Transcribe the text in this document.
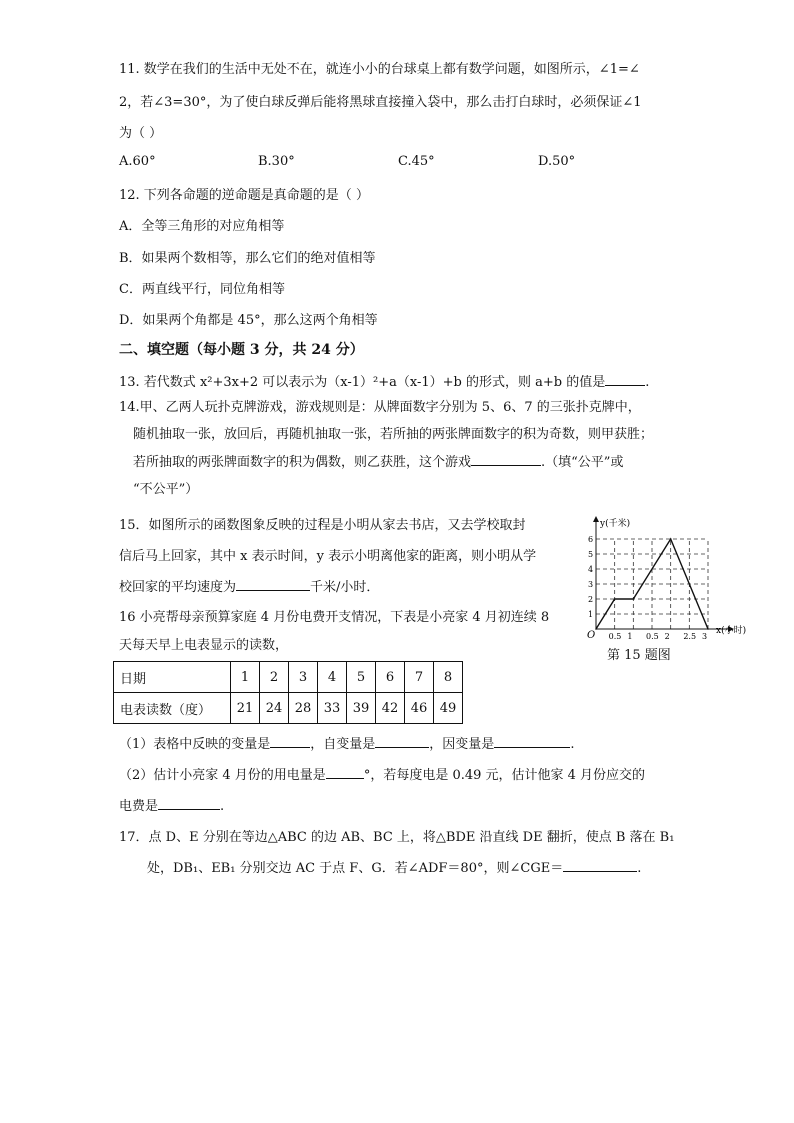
11. 数学在我们的生活中无处不在，就连小小的台球桌上都有数学问题，如图所示，∠1=∠
2，若∠3=30°，为了使白球反弹后能将黑球直接撞入袋中，那么击打白球时，必须保证∠1
为（ ）
A.60°	B.30°	C.45°	D.50°
12. 下列各命题的逆命题是真命题的是（ ）
A．全等三角形的对应角相等
B．如果两个数相等，那么它们的绝对值相等
C．两直线平行，同位角相等
D．如果两个角都是 45°，那么这两个角相等
二、填空题（每小题 3 分，共 24 分）
13. 若代数式 x²+3x+2 可以表示为（x-1）²+a（x-1）+b 的形式，则 a+b 的值是	.
14.甲、乙两人玩扑克牌游戏，游戏规则是：从牌面数字分别为 5、6、7 的三张扑克牌中，
随机抽取一张，放回后，再随机抽取一张，若所抽的两张牌面数字的积为奇数，则甲获胜；
若所抽取的两张牌面数字的积为偶数，则乙获胜，这个游戏	.（填“公平”或
“不公平”）
15．如图所示的函数图象反映的过程是小明从家去书店，又去学校取封
信后马上回家，其中 x 表示时间，y 表示小明离他家的距离，则小明从学
校回家的平均速度为	千米/小时．
y(千米)
x(小时)
O
1
2
3
4
5
6
0.5 1 0.5 2 2.5 3
第 15 题图
16 小亮帮母亲预算家庭 4 月份电费开支情况，下表是小亮家 4 月初连续 8
天每天早上电表显示的读数，
日期	1	2	3	4	5	6	7	8
电表读数（度）	21	24	28	33	39	42	46	49
（1）表格中反映的变量是	，自变量是	，因变量是	.
（2）估计小亮家 4 月份的用电量是	°，若每度电是 0.49 元，估计他家 4 月份应交的
电费是	.
17．点 D、E 分别在等边△ABC 的边 AB、BC 上，将△BDE 沿直线 DE 翻折，使点 B 落在 B₁
处，DB₁、EB₁ 分别交边 AC 于点 F、G．若∠ADF＝80°，则∠CGE＝	.
